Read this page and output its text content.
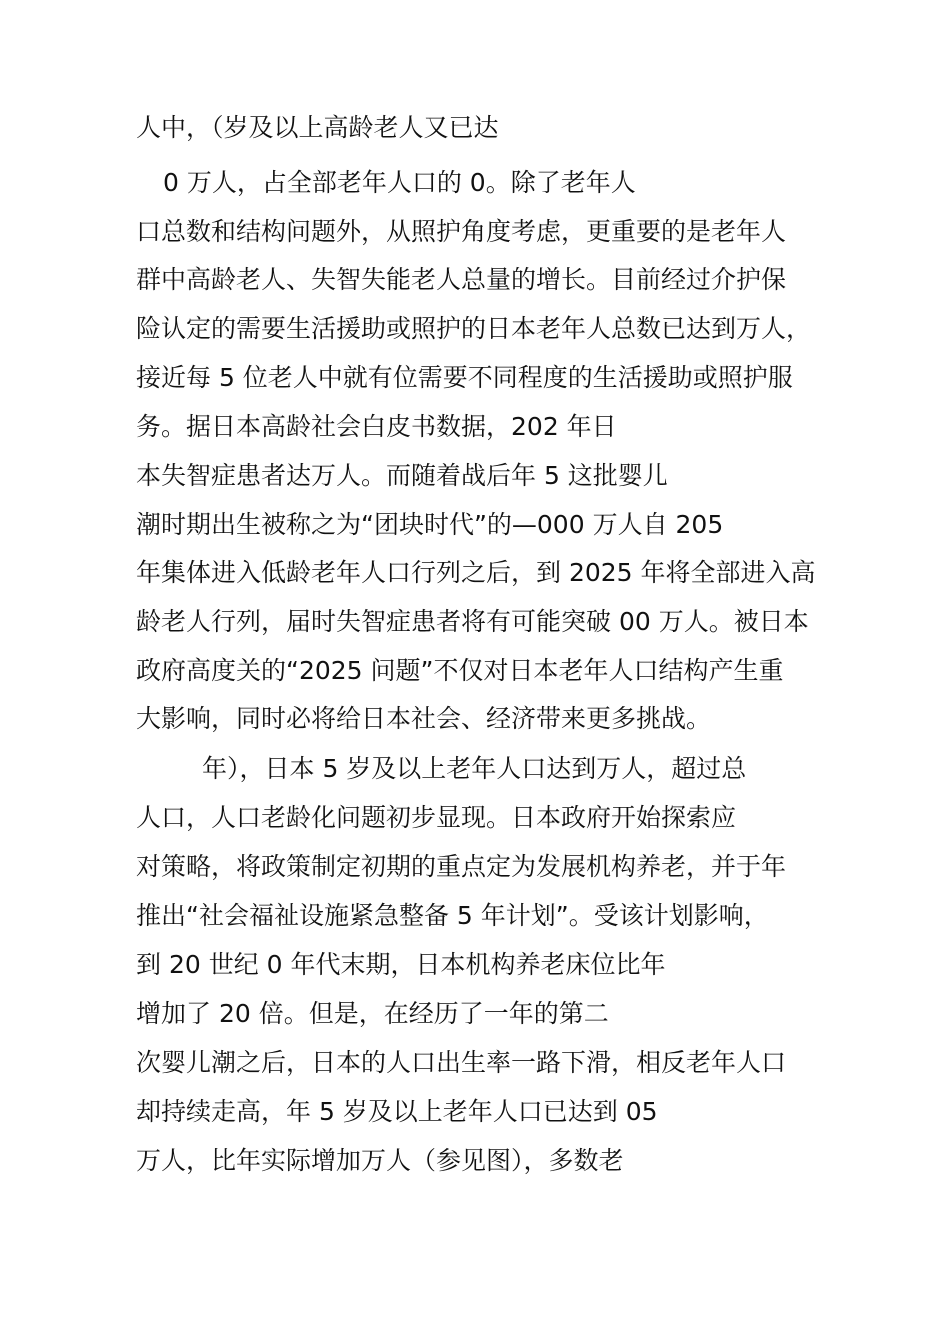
人中，（岁及以上高龄老人又已达
0 万人，占全部老年人口的 0。除了老年人
口总数和结构问题外，从照护角度考虑，更重要的是老年人
群中高龄老人、失智失能老人总量的增长。目前经过介护保
险认定的需要生活援助或照护的日本老年人总数已达到万人，
接近每 5 位老人中就有位需要不同程度的生活援助或照护服
务。据日本高龄社会白皮书数据，202 年日
本失智症患者达万人。而随着战后年 5 这批婴儿
潮时期出生被称之为“团块时代”的—000 万人自 205
年集体进入低龄老年人口行列之后，到 2025 年将全部进入高
龄老人行列，届时失智症患者将有可能突破 00 万人。被日本
政府高度关的“2025 问题”不仅对日本老年人口结构产生重
大影响，同时必将给日本社会、经济带来更多挑战。
年），日本 5 岁及以上老年人口达到万人，超过总
人口，人口老龄化问题初步显现。日本政府开始探索应
对策略，将政策制定初期的重点定为发展机构养老，并于年
推出“社会福祉设施紧急整备 5 年计划”。受该计划影响，
到 20 世纪 0 年代末期，日本机构养老床位比年
增加了 20 倍。但是，在经历了一年的第二
次婴儿潮之后，日本的人口出生率一路下滑，相反老年人口
却持续走高，年 5 岁及以上老年人口已达到 05
万人，比年实际增加万人（参见图），多数老
